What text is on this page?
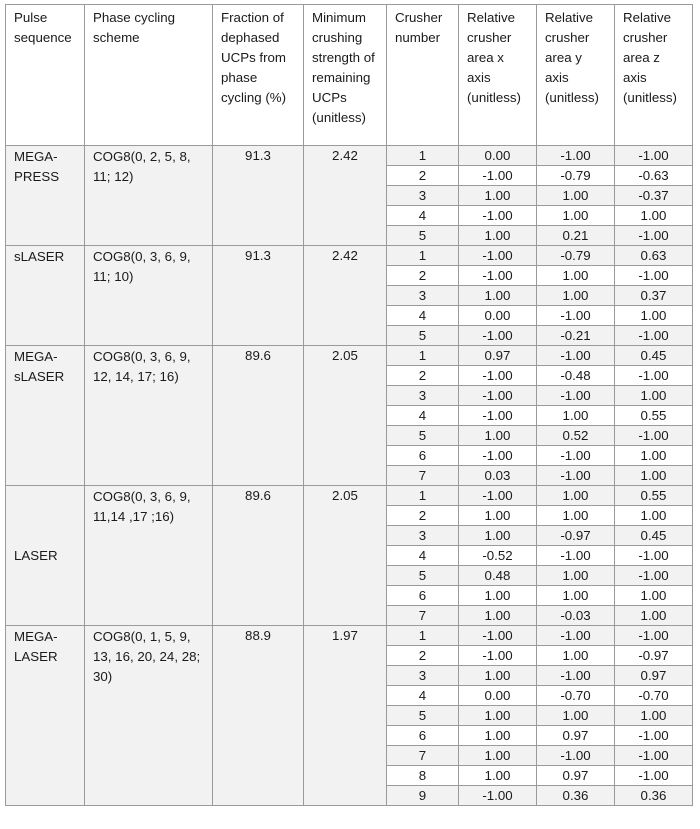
Pulse sequence	Phase cycling scheme	Fraction of dephased UCPs from phase cycling (%)	Minimum crushing strength of remaining UCPs (unitless)	Crusher number	Relative crusher area x axis (unitless)	Relative crusher area y axis (unitless)	Relative crusher area z axis (unitless)
MEGA-PRESS	COG8(0, 2, 5, 8, 11; 12)	91.3	2.42	1	0.00	-1.00	-1.00
				2	-1.00	-0.79	-0.63
				3	1.00	1.00	-0.37
				4	-1.00	1.00	1.00
				5	1.00	0.21	-1.00
sLASER	COG8(0, 3, 6, 9, 11; 10)	91.3	2.42	1	-1.00	-0.79	0.63
				2	-1.00	1.00	-1.00
				3	1.00	1.00	0.37
				4	0.00	-1.00	1.00
				5	-1.00	-0.21	-1.00
MEGA-sLASER	COG8(0, 3, 6, 9, 12, 14, 17; 16)	89.6	2.05	1	0.97	-1.00	0.45
				2	-1.00	-0.48	-1.00
				3	-1.00	-1.00	1.00
				4	-1.00	1.00	0.55
				5	1.00	0.52	-1.00
				6	-1.00	-1.00	1.00
				7	0.03	-1.00	1.00
LASER	COG8(0, 3, 6, 9, 11,14 ,17 ;16)	89.6	2.05	1	-1.00	1.00	0.55
				2	1.00	1.00	1.00
				3	1.00	-0.97	0.45
				4	-0.52	-1.00	-1.00
				5	0.48	1.00	-1.00
				6	1.00	1.00	1.00
				7	1.00	-0.03	1.00
MEGA-LASER	COG8(0, 1, 5, 9, 13, 16, 20, 24, 28; 30)	88.9	1.97	1	-1.00	-1.00	-1.00
				2	-1.00	1.00	-0.97
				3	1.00	-1.00	0.97
				4	0.00	-0.70	-0.70
				5	1.00	1.00	1.00
				6	1.00	0.97	-1.00
				7	1.00	-1.00	-1.00
				8	1.00	0.97	-1.00
				9	-1.00	0.36	0.36
